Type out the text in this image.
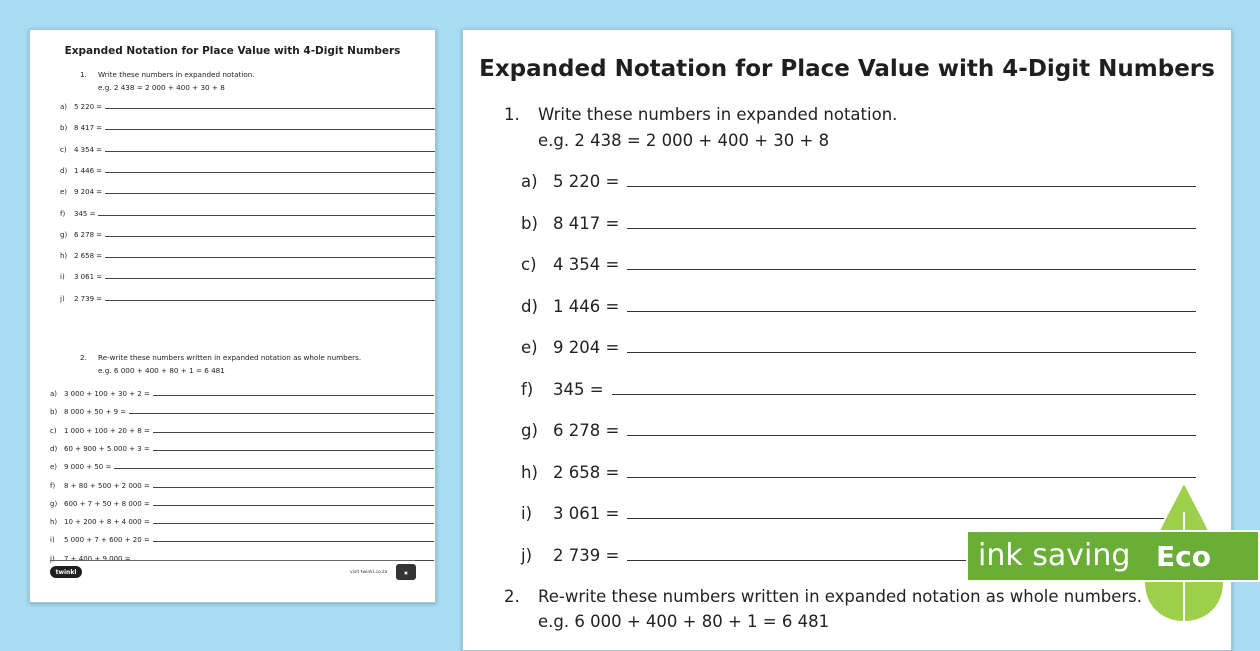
Expanded Notation for Place Value with 4-Digit Numbers
1. Write these numbers in expanded notation.
e.g. 2 438 = 2 000 + 400 + 30 + 8
a) 5 220 =
b) 8 417 =
c)	4 354 =
d) 1 446 =
e) 9 204 =
f)	345 =
g) 6 278 =
h) 2 658 =
i)	3 061 =
j)	2 739 =
2. Re-write these numbers written in expanded notation as whole numbers.
e.g. 6 000 + 400 + 80 + 1 = 6 481
a) 3 000 + 100 + 30 + 2 =
b) 8 000 + 50 + 9 =
c)	1 000 + 100 + 20 + 8 =
d) 60 + 900 + 5 000 + 3 =
e) 9 000 + 50 =
f)	8 + 80 + 500 + 2 000 =
g) 600 + 7 + 50 + 8 000 =
h) 10 + 200 + 8 + 4 000 =
i)	5 000 + 7 + 600 + 20 =
j)	7 + 400 + 9 000 =
twinkl	visit twinkl.co.za	▣
Expanded Notation for Place Value with 4-Digit Numbers
1. Write these numbers in expanded notation.
e.g. 2 438 = 2 000 + 400 + 30 + 8
a) 5 220 =
b) 8 417 =
c) 4 354 =
d) 1 446 =
e) 9 204 =
f)	345 =
g) 6 278 =
h) 2 658 =
i)	3 061 =
j)	2 739 =
2. Re-write these numbers written in expanded notation as whole numbers.
e.g. 6 000 + 400 + 80 + 1 = 6 481
ink saving Eco
